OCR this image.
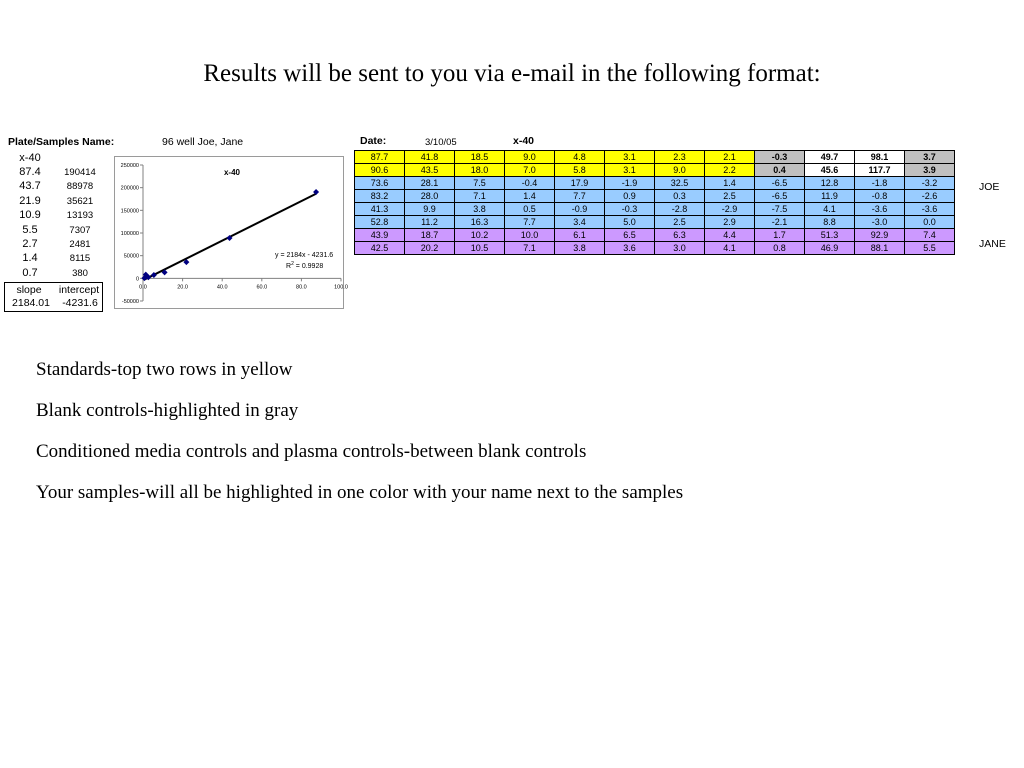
Results will be sent to you via e-mail in the following format:
Plate/Samples Name:	96 well Joe, Jane	Date:	3/10/05	x-40
x-40
87.4	190414
43.7	88978
21.9	35621
10.9	13193
5.5	7307
2.7	2481
1.4	8115
0.7	380
slope	intercept
2184.01	-4231.6
250000
200000
150000
100000
50000
0
-50000
0.0	20.0	40.0	60.0	80.0	100.0
x-40
y = 2184x - 4231.6
$R^2 = 0.9928$
87.7	41.8	18.5	9.0	4.8	3.1	2.3	2.1	-0.3	49.7	98.1	3.7
90.6	43.5	18.0	7.0	5.8	3.1	9.0	2.2	0.4	45.6	117.7	3.9
73.6	28.1	7.5	-0.4	17.9	-1.9	32.5	1.4	-6.5	12.8	-1.8	-3.2
83.2	28.0	7.1	1.4	7.7	0.9	0.3	2.5	-6.5	11.9	-0.8	-2.6
41.3	9.9	3.8	0.5	-0.9	-0.3	-2.8	-2.9	-7.5	4.1	-3.6	-3.6
52.8	11.2	16.3	7.7	3.4	5.0	2.5	2.9	-2.1	8.8	-3.0	0.0
43.9	18.7	10.2	10.0	6.1	6.5	6.3	4.4	1.7	51.3	92.9	7.4
42.5	20.2	10.5	7.1	3.8	3.6	3.0	4.1	0.8	46.9	88.1	5.5
JOE
JANE
Standards-top two rows in yellow
Blank controls-highlighted in gray
Conditioned media controls and plasma controls-between blank controls
Your samples-will all be highlighted in one color with your name next to the samples
